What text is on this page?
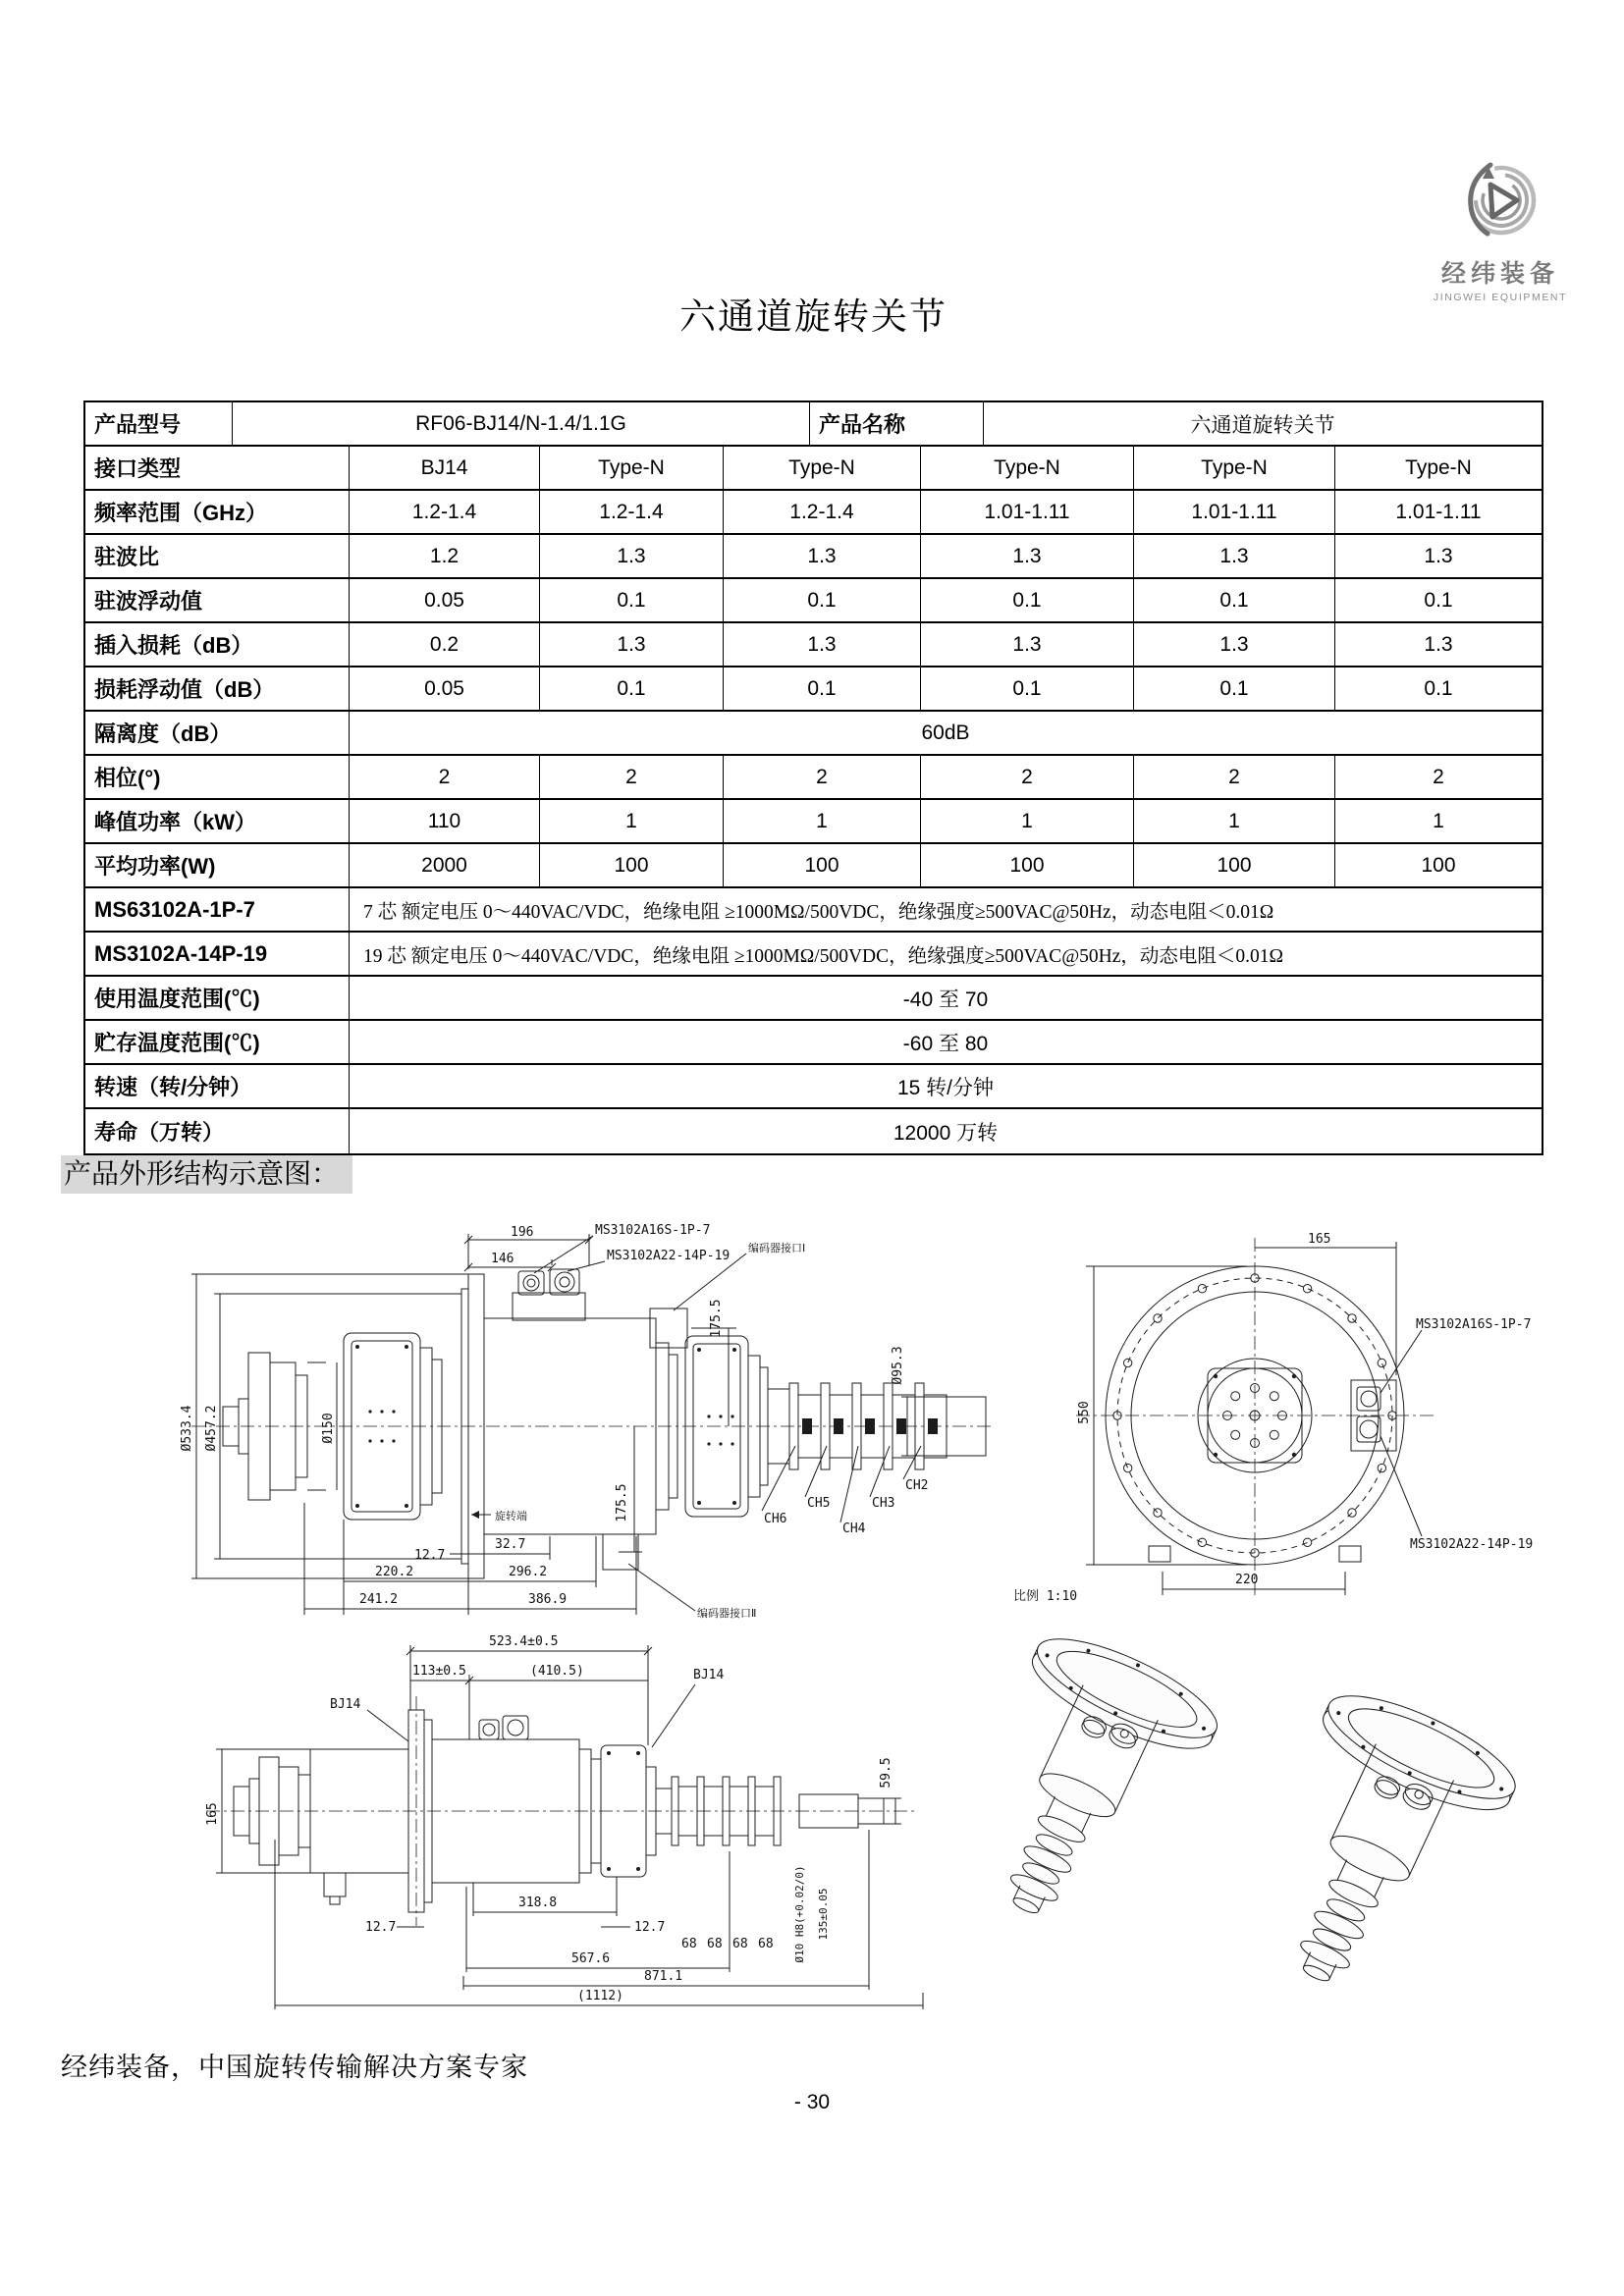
经纬装备
JINGWEI EQUIPMENT
六通道旋转关节
产品型号	RF06-BJ14/N-1.4/1.1G	产品名称	六通道旋转关节
接口类型	BJ14	Type-N	Type-N	Type-N	Type-N	Type-N
频率范围（GHz）	1.2-1.4	1.2-1.4	1.2-1.4	1.01-1.11	1.01-1.11	1.01-1.11
驻波比	1.2	1.3	1.3	1.3	1.3	1.3
驻波浮动值	0.05	0.1	0.1	0.1	0.1	0.1
插入损耗（dB）	0.2	1.3	1.3	1.3	1.3	1.3
损耗浮动值（dB）	0.05	0.1	0.1	0.1	0.1	0.1
隔离度（dB）	60dB
相位(°)	2	2	2	2	2	2
峰值功率（kW）	110	1	1	1	1	1
平均功率(W)	2000	100	100	100	100	100
MS63102A-1P-7	7 芯 额定电压 0～440VAC/VDC，绝缘电阻 ≥1000MΩ/500VDC，绝缘强度≥500VAC@50Hz，动态电阻＜0.01Ω
MS3102A-14P-19	19 芯 额定电压 0～440VAC/VDC，绝缘电阻 ≥1000MΩ/500VDC，绝缘强度≥500VAC@50Hz，动态电阻＜0.01Ω
使用温度范围(℃)	-40 至 70
贮存温度范围(℃)	-60 至 80
转速（转/分钟）	15 转/分钟
寿命（万转）	12000 万转
产品外形结构示意图：
196
146
MS3102A16S-1P-7
MS3102A22-14P-19
编码器接口Ⅰ
编码器接口Ⅱ
175.5
175.5
Ø95.3
Ø533.4 Ø457.2	Ø150
旋转端
CH2
CH3
CH4
CH5
CH6
12.7
32.7
220.2	296.2
241.2	386.9
550
165
220
MS3102A16S-1P-7
MS3102A22-14P-19
523.4±0.5
113±0.5	(410.5)
BJ14
BJ14
165
318.8
12.7	12.7
68 68 68 68 Ø10 H8(+0.02/0) 135±0.05
59.5
567.6
871.1
(1112)
比例 1:10
经纬装备，中国旋转传输解决方案专家
- 30
